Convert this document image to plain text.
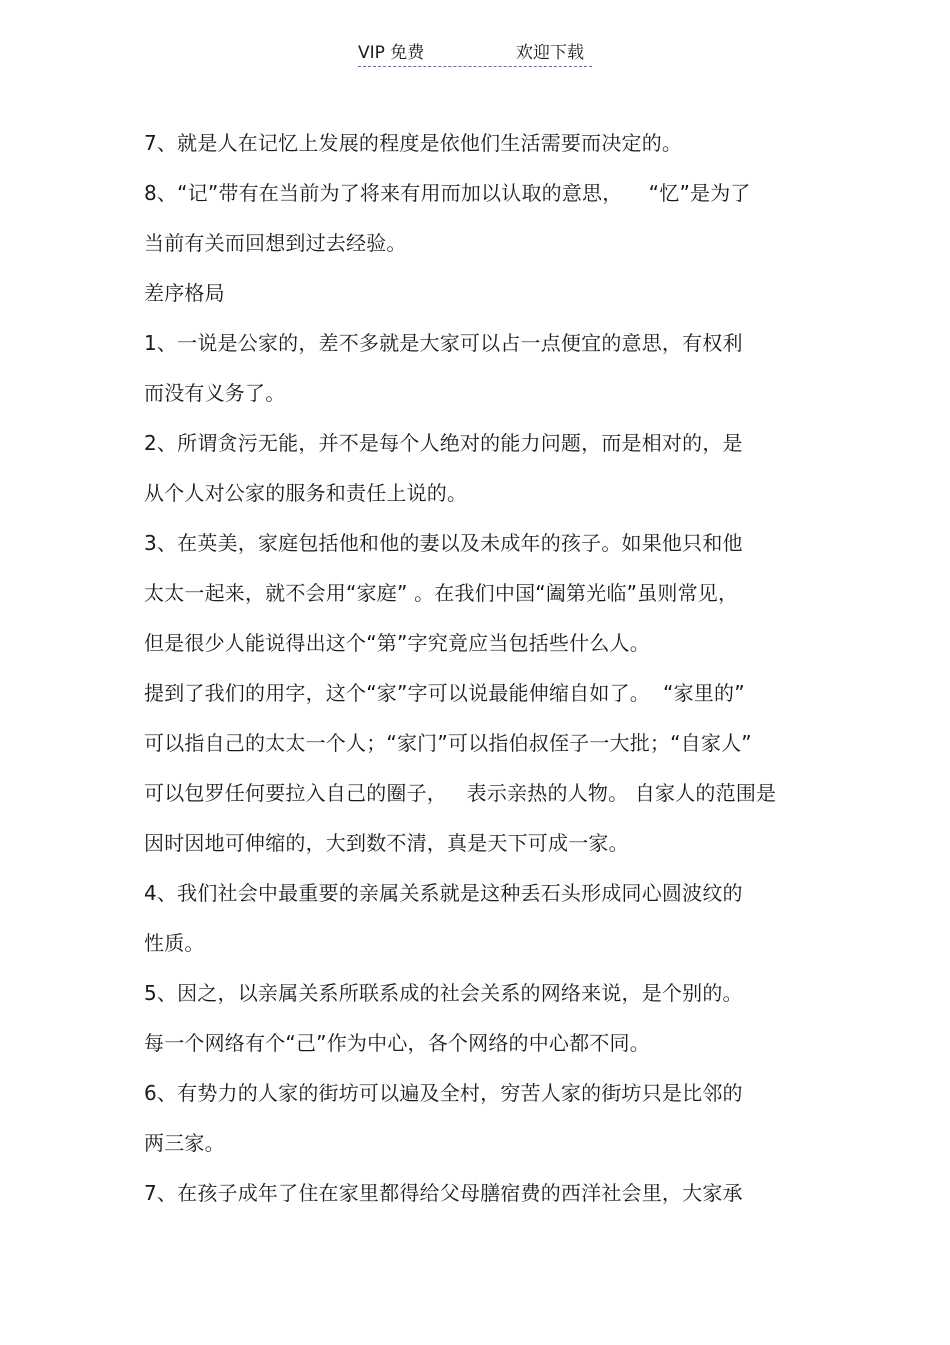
VIP 免费	欢迎下载
7、就是人在记忆上发展的程度是依他们生活需要而决定的。
8、“记”带有在当前为了将来有用而加以认取的意思，    “忆”是为了
当前有关而回想到过去经验。
差序格局
1、一说是公家的，差不多就是大家可以占一点便宜的意思，有权利
而没有义务了。
2、所谓贪污无能，并不是每个人绝对的能力问题，而是相对的，是
从个人对公家的服务和责任上说的。
3、在英美，家庭包括他和他的妻以及未成年的孩子。如果他只和他
太太一起来，就不会用“家庭” 。在我们中国“阖第光临”虽则常见，
但是很少人能说得出这个“第”字究竟应当包括些什么人。
提到了我们的用字，这个“家”字可以说最能伸缩自如了。  “家里的”
可以指自己的太太一个人；“家门”可以指伯叔侄子一大批；“自家人”
可以包罗任何要拉入自己的圈子，   表示亲热的人物。 自家人的范围是
因时因地可伸缩的，大到数不清，真是天下可成一家。
4、我们社会中最重要的亲属关系就是这种丢石头形成同心圆波纹的
性质。
5、因之，以亲属关系所联系成的社会关系的网络来说，是个别的。
每一个网络有个“己”作为中心，各个网络的中心都不同。
6、有势力的人家的街坊可以遍及全村，穷苦人家的街坊只是比邻的
两三家。
7、在孩子成年了住在家里都得给父母膳宿费的西洋社会里，大家承
